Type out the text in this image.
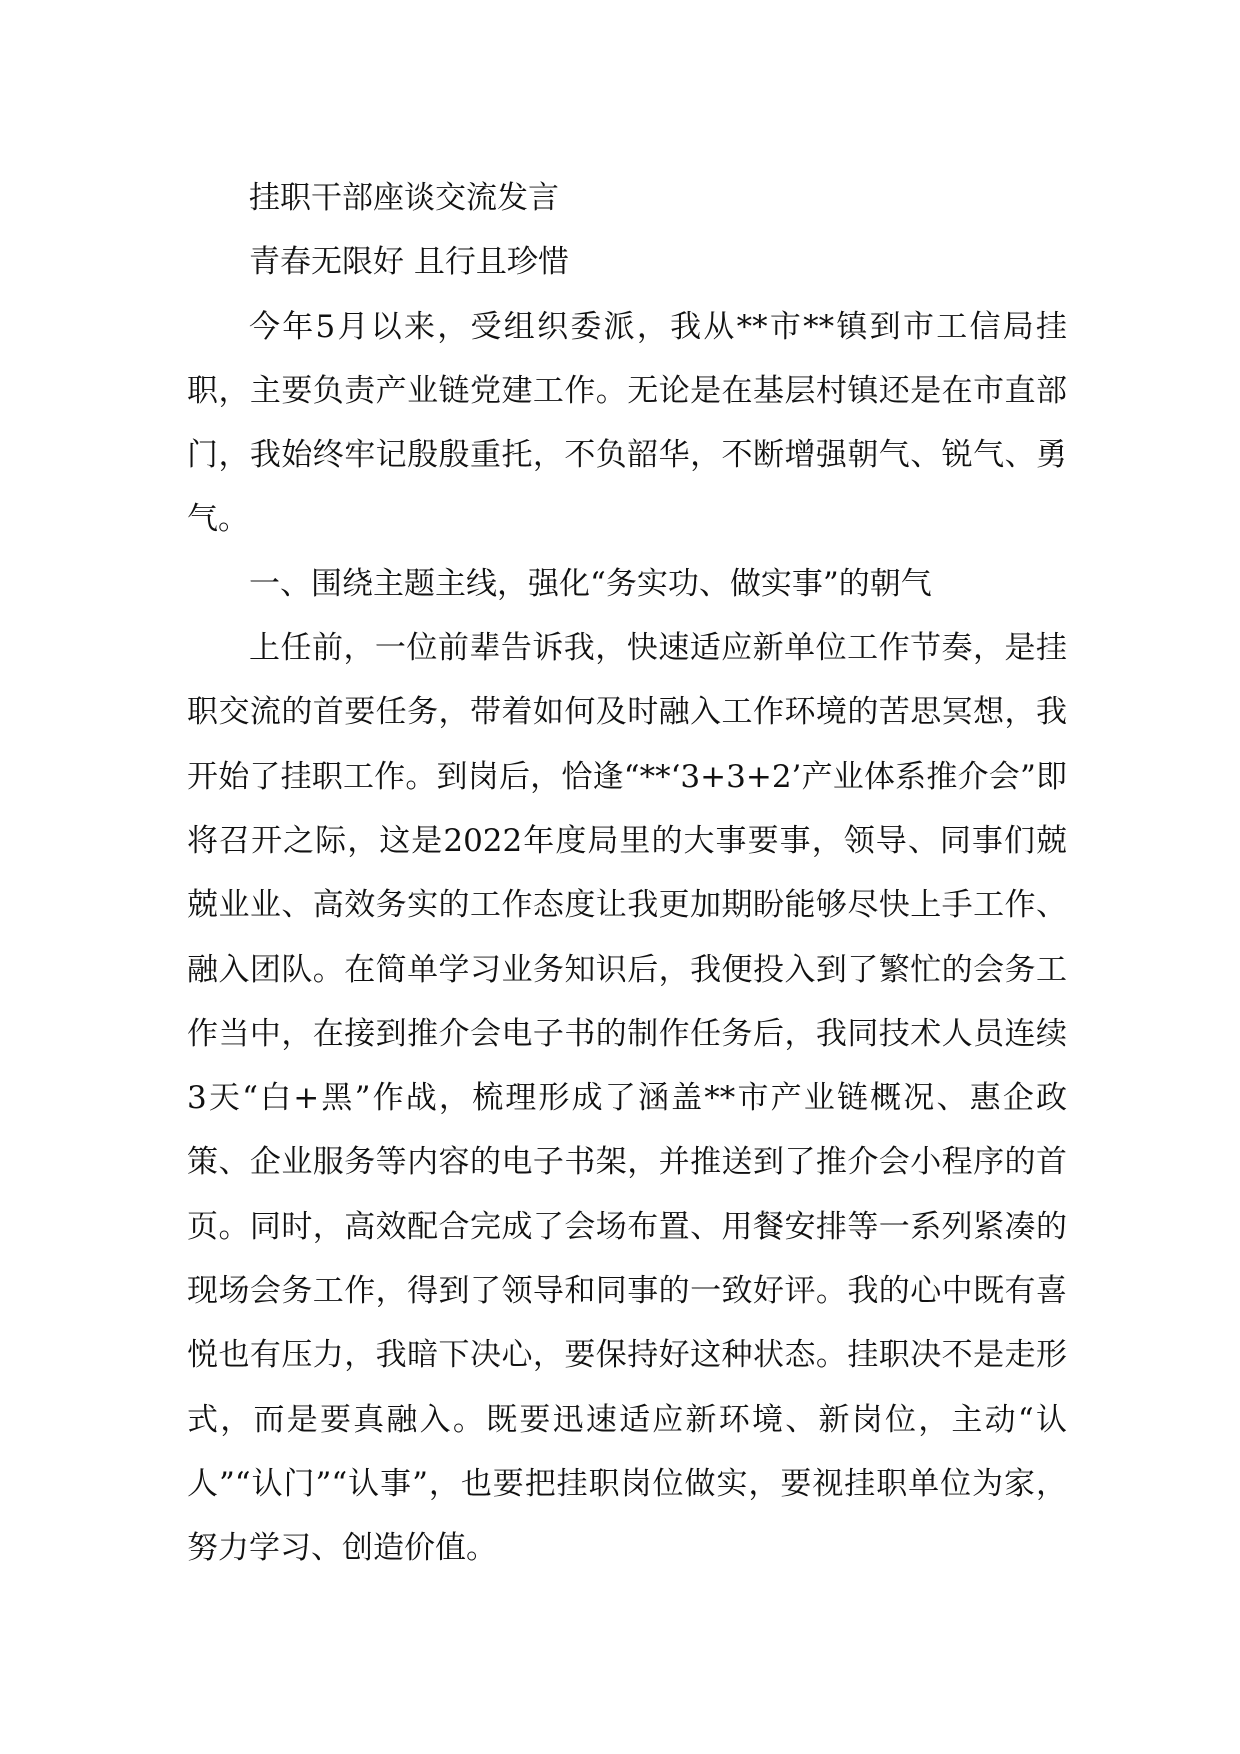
挂职干部座谈交流发言

青春无限好 且行且珍惜

今年5月以来，受组织委派，我从**市**镇到市工信局挂职，主要负责产业链党建工作。无论是在基层村镇还是在市直部门，我始终牢记殷殷重托，不负韶华，不断增强朝气、锐气、勇气。

一、围绕主题主线，强化“务实功、做实事”的朝气

上任前，一位前辈告诉我，快速适应新单位工作节奏，是挂职交流的首要任务，带着如何及时融入工作环境的苦思冥想，我开始了挂职工作。到岗后，恰逢“**‘3+3+2’产业体系推介会”即将召开之际，这是2022年度局里的大事要事，领导、同事们兢兢业业、高效务实的工作态度让我更加期盼能够尽快上手工作、融入团队。在简单学习业务知识后，我便投入到了繁忙的会务工作当中，在接到推介会电子书的制作任务后，我同技术人员连续3天“白+黑”作战，梳理形成了涵盖**市产业链概况、惠企政策、企业服务等内容的电子书架，并推送到了推介会小程序的首页。同时，高效配合完成了会场布置、用餐安排等一系列紧凑的现场会务工作，得到了领导和同事的一致好评。我的心中既有喜悦也有压力，我暗下决心，要保持好这种状态。挂职决不是走形式，而是要真融入。既要迅速适应新环境、新岗位，主动“认人”“认门”“认事”，也要把挂职岗位做实，要视挂职单位为家，努力学习、创造价值。
